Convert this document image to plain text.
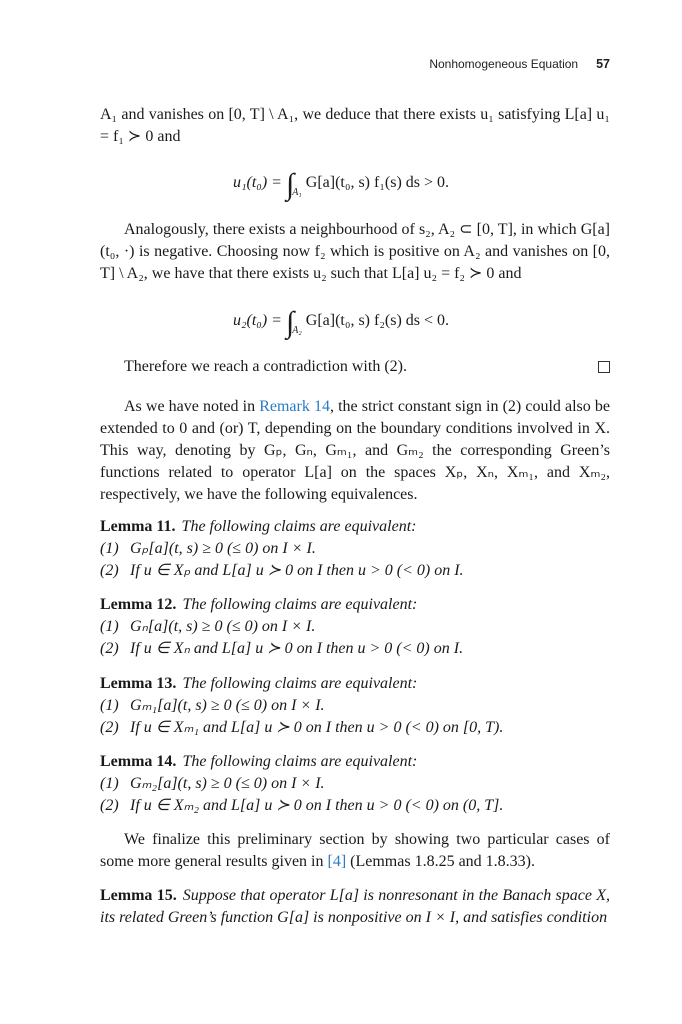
Nonhomogeneous Equation 57
A₁ and vanishes on [0, T] \ A₁, we deduce that there exists u₁ satisfying L[a] u₁ = f₁ ≻ 0 and
$u_1(t_0) = \int_{A_1}$ G[a](t₀, s) f₁(s) ds > 0.
Analogously, there exists a neighbourhood of s₂, A₂ ⊂ [0, T], in which G[a](t₀, ·) is negative. Choosing now f₂ which is positive on A₂ and vanishes on [0, T] \ A₂, we have that there exists u₂ such that L[a] u₂ = f₂ ≻ 0 and
$u_2(t_0) = \int_{A_2}$ G[a](t₀, s) f₂(s) ds < 0.
Therefore we reach a contradiction with (2).
As we have noted in Remark 14, the strict constant sign in (2) could also be extended to 0 and (or) T, depending on the boundary conditions involved in X. This way, denoting by Gₚ, Gₙ, Gₘ₁, and Gₘ₂ the corresponding Green’s functions related to operator L[a] on the spaces Xₚ, Xₙ, Xₘ₁, and Xₘ₂, respectively, we have the following equivalences.
Lemma 11. The following claims are equivalent:
(1) Gₚ[a](t, s) ≥ 0 (≤ 0) on I × I.
(2) If u ∈ Xₚ and L[a] u ≻ 0 on I then u > 0 (< 0) on I.
Lemma 12. The following claims are equivalent:
(1) Gₙ[a](t, s) ≥ 0 (≤ 0) on I × I.
(2) If u ∈ Xₙ and L[a] u ≻ 0 on I then u > 0 (< 0) on I.
Lemma 13. The following claims are equivalent:
(1) Gₘ₁[a](t, s) ≥ 0 (≤ 0) on I × I.
(2) If u ∈ Xₘ₁ and L[a] u ≻ 0 on I then u > 0 (< 0) on [0, T).
Lemma 14. The following claims are equivalent:
(1) Gₘ₂[a](t, s) ≥ 0 (≤ 0) on I × I.
(2) If u ∈ Xₘ₂ and L[a] u ≻ 0 on I then u > 0 (< 0) on (0, T].
We finalize this preliminary section by showing two particular cases of some more general results given in [4] (Lemmas 1.8.25 and 1.8.33).
Lemma 15. Suppose that operator L[a] is nonresonant in the Banach space X, its related Green’s function G[a] is nonpositive on I × I, and satisfies condition
